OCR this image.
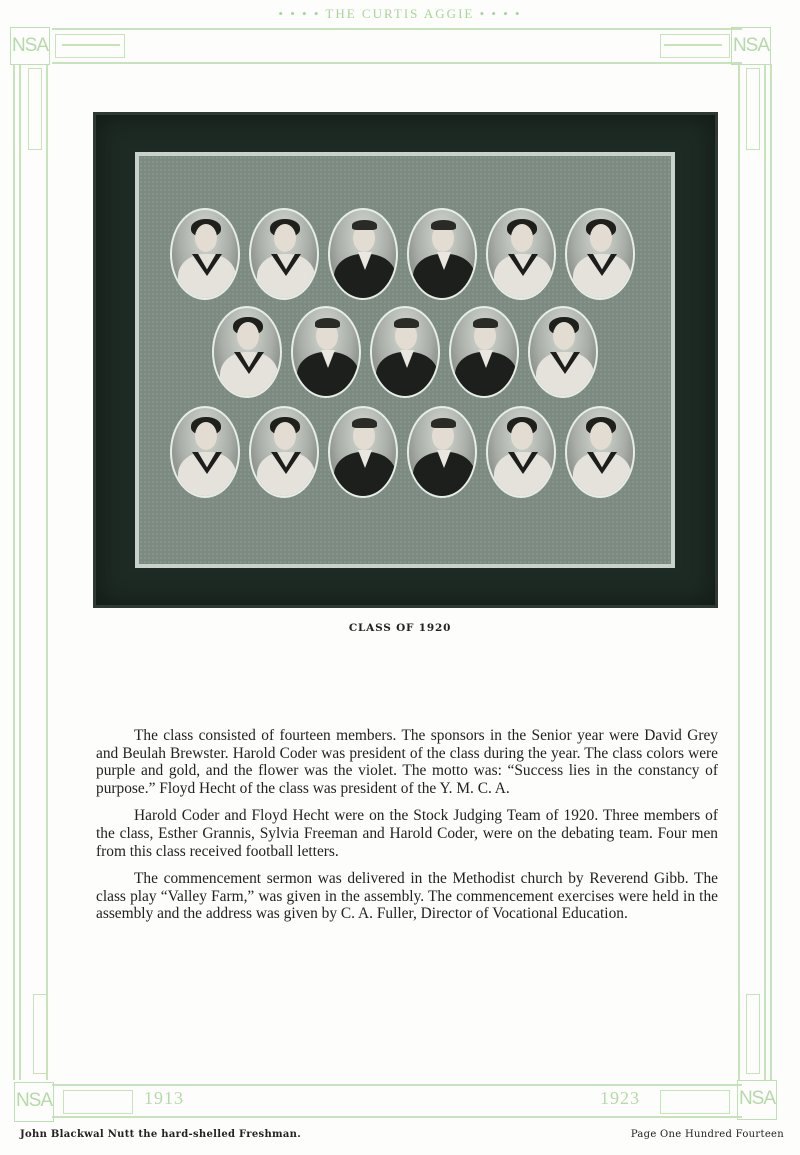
• • • • THE CURTIS AGGIE • • • •
NSA	NSA
NSA	NSA
1913	1923
CLASS OF 1920

The class consisted of fourteen members. The sponsors in the Senior year were David Grey and Beulah Brewster. Harold Coder was president of the class during the year. The class colors were purple and gold, and the flower was the violet. The motto was: “Success lies in the constancy of purpose.” Floyd Hecht of the class was president of the Y. M. C. A.

Harold Coder and Floyd Hecht were on the Stock Judging Team of 1920. Three members of the class, Esther Grannis, Sylvia Freeman and Harold Coder, were on the debating team. Four men from this class received football letters.

The commencement sermon was delivered in the Methodist church by Reverend Gibb. The class play “Valley Farm,” was given in the assembly. The commencement exercises were held in the assembly and the address was given by C. A. Fuller, Director of Vocational Education.

John Blackwal Nutt the hard-shelled Freshman.	Page One Hundred Fourteen
